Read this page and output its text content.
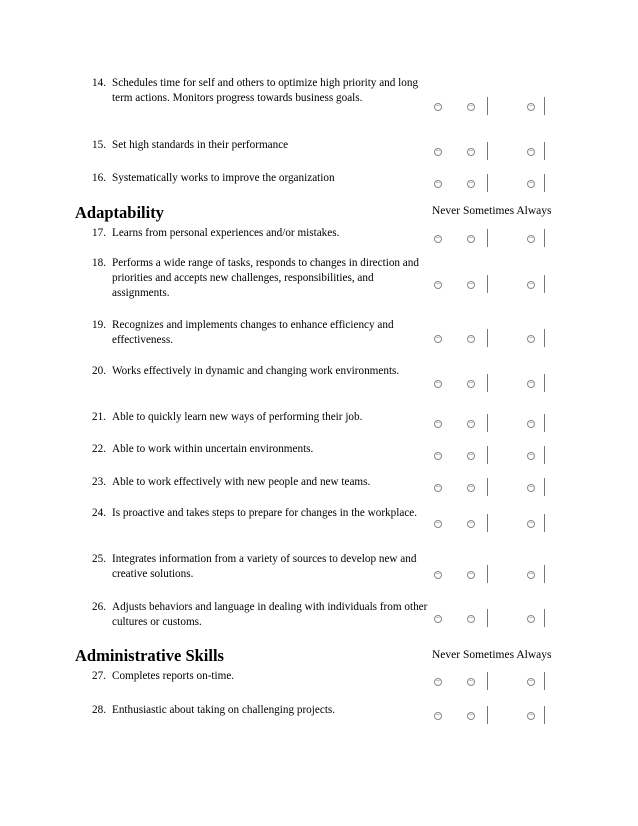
14. Schedules time for self and others to optimize high priority and long term actions. Monitors progress towards business goals.
15. Set high standards in their performance
16. Systematically works to improve the organization
Adaptability	Never Sometimes Always
17. Learns from personal experiences and/or mistakes.
18. Performs a wide range of tasks, responds to changes in direction and priorities and accepts new challenges, responsibilities, and assignments.
19. Recognizes and implements changes to enhance efficiency and effectiveness.
20. Works effectively in dynamic and changing work environments.
21. Able to quickly learn new ways of performing their job.
22. Able to work within uncertain environments.
23. Able to work effectively with new people and new teams.
24. Is proactive and takes steps to prepare for changes in the workplace.
25. Integrates information from a variety of sources to develop new and creative solutions.
26. Adjusts behaviors and language in dealing with individuals from other cultures or customs.
Administrative Skills	Never Sometimes Always
27. Completes reports on-time.
28. Enthusiastic about taking on challenging projects.
